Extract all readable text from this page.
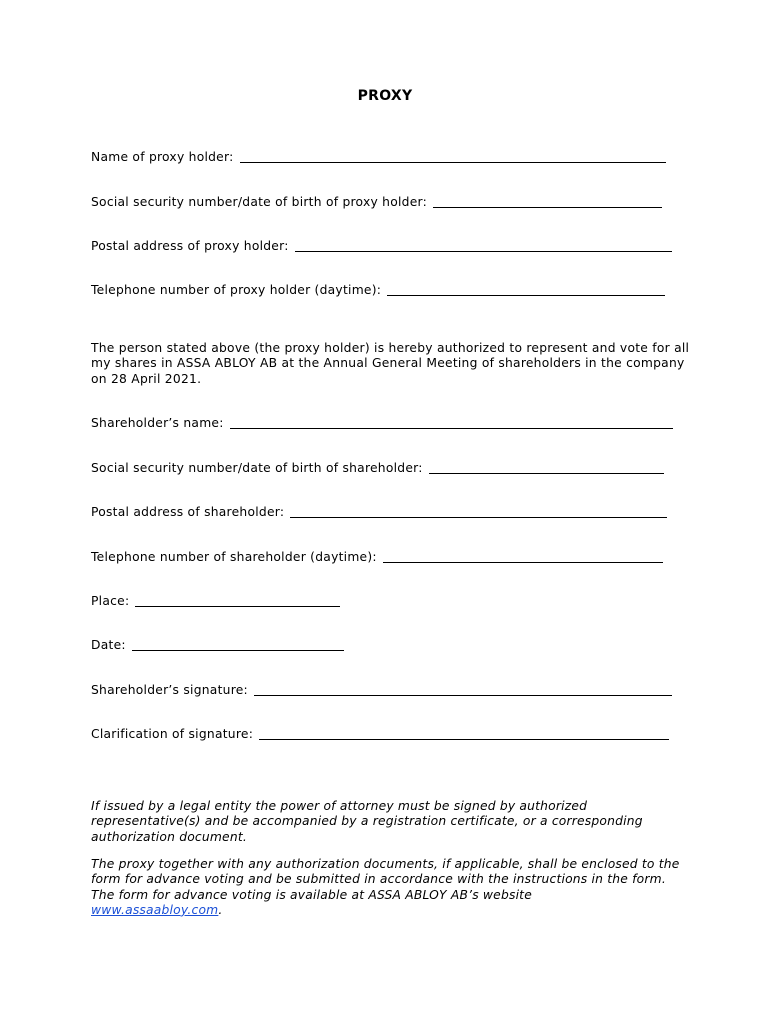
PROXY
Name of proxy holder:
Social security number/date of birth of proxy holder:
Postal address of proxy holder:
Telephone number of proxy holder (daytime):
The person stated above (the proxy holder) is hereby authorized to represent and vote for all my shares in ASSA ABLOY AB at the Annual General Meeting of shareholders in the company on 28 April 2021.
Shareholder’s name:
Social security number/date of birth of shareholder:
Postal address of shareholder:
Telephone number of shareholder (daytime):
Place:
Date:
Shareholder’s signature:
Clarification of signature:
If issued by a legal entity the power of attorney must be signed by authorized representative(s) and be accompanied by a registration certificate, or a corresponding authorization document.
The proxy together with any authorization documents, if applicable, shall be enclosed to the form for advance voting and be submitted in accordance with the instructions in the form. The form for advance voting is available at ASSA ABLOY AB’s website
www.assaabloy.com.
